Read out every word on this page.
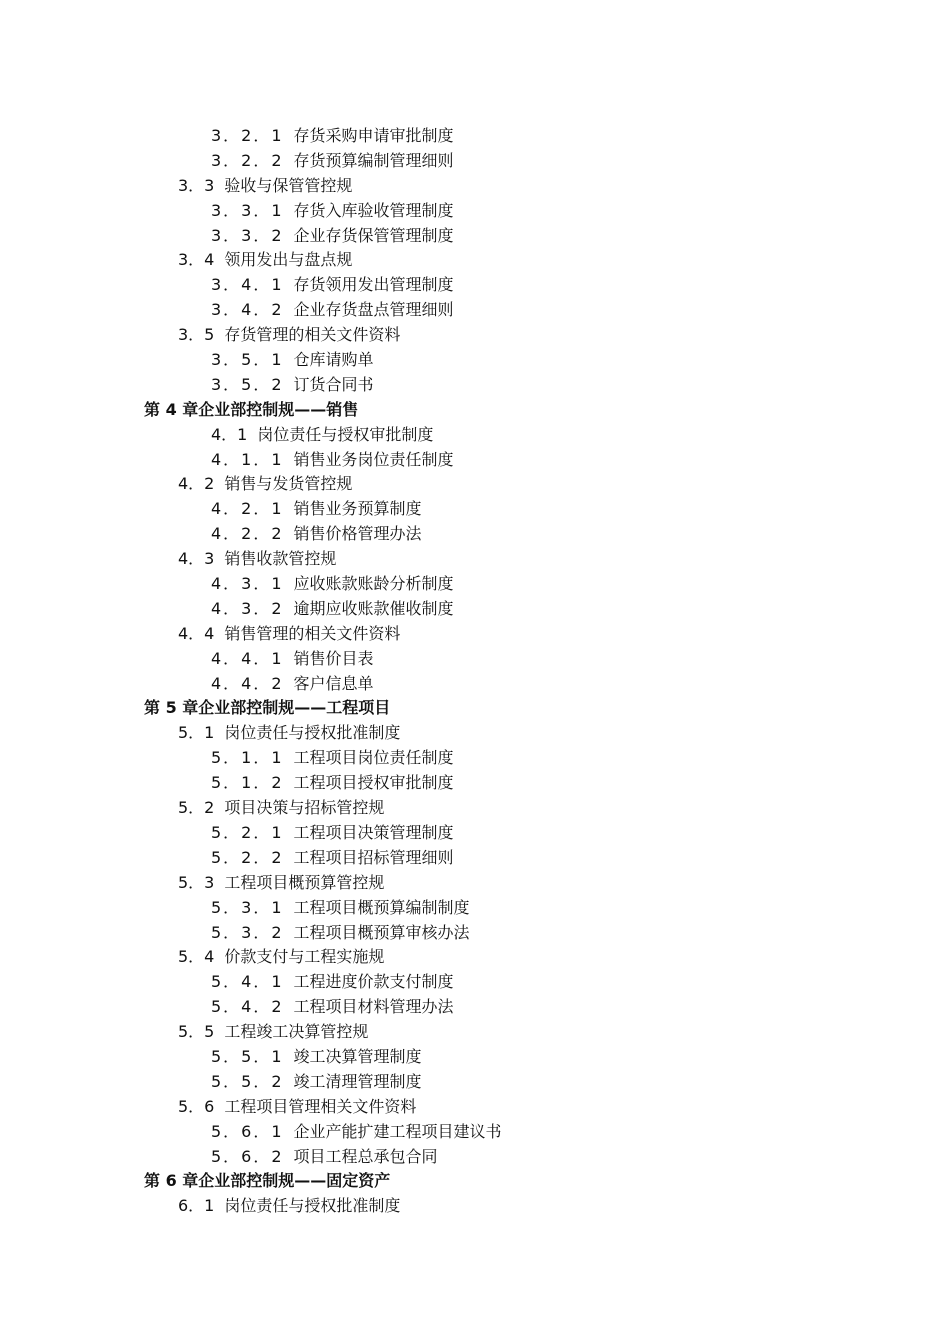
3．2．1 存货采购申请审批制度
3．2．2 存货预算编制管理细则
3．3 验收与保管管控规
3．3．1 存货入库验收管理制度
3．3．2 企业存货保管管理制度
3．4 领用发出与盘点规
3．4．1 存货领用发出管理制度
3．4．2 企业存货盘点管理细则
3．5 存货管理的相关文件资料
3．5．1 仓库请购单
3．5．2 订货合同书
第 4 章企业部控制规——销售
4．1 岗位责任与授权审批制度
4．1．1 销售业务岗位责任制度
4．2 销售与发货管控规
4．2．1 销售业务预算制度
4．2．2 销售价格管理办法
4．3 销售收款管控规
4．3．1 应收账款账龄分析制度
4．3．2 逾期应收账款催收制度
4．4 销售管理的相关文件资料
4．4．1 销售价目表
4．4．2 客户信息单
第 5 章企业部控制规——工程项目
5．1 岗位责任与授权批准制度
5．1．1 工程项目岗位责任制度
5．1．2 工程项目授权审批制度
5．2 项目决策与招标管控规
5．2．1 工程项目决策管理制度
5．2．2 工程项目招标管理细则
5．3 工程项目概预算管控规
5．3．1 工程项目概预算编制制度
5．3．2 工程项目概预算审核办法
5．4 价款支付与工程实施规
5．4．1 工程进度价款支付制度
5．4．2 工程项目材料管理办法
5．5 工程竣工决算管控规
5．5．1 竣工决算管理制度
5．5．2 竣工清理管理制度
5．6 工程项目管理相关文件资料
5．6．1 企业产能扩建工程项目建议书
5．6．2 项目工程总承包合同
第 6 章企业部控制规——固定资产
6．1 岗位责任与授权批准制度
